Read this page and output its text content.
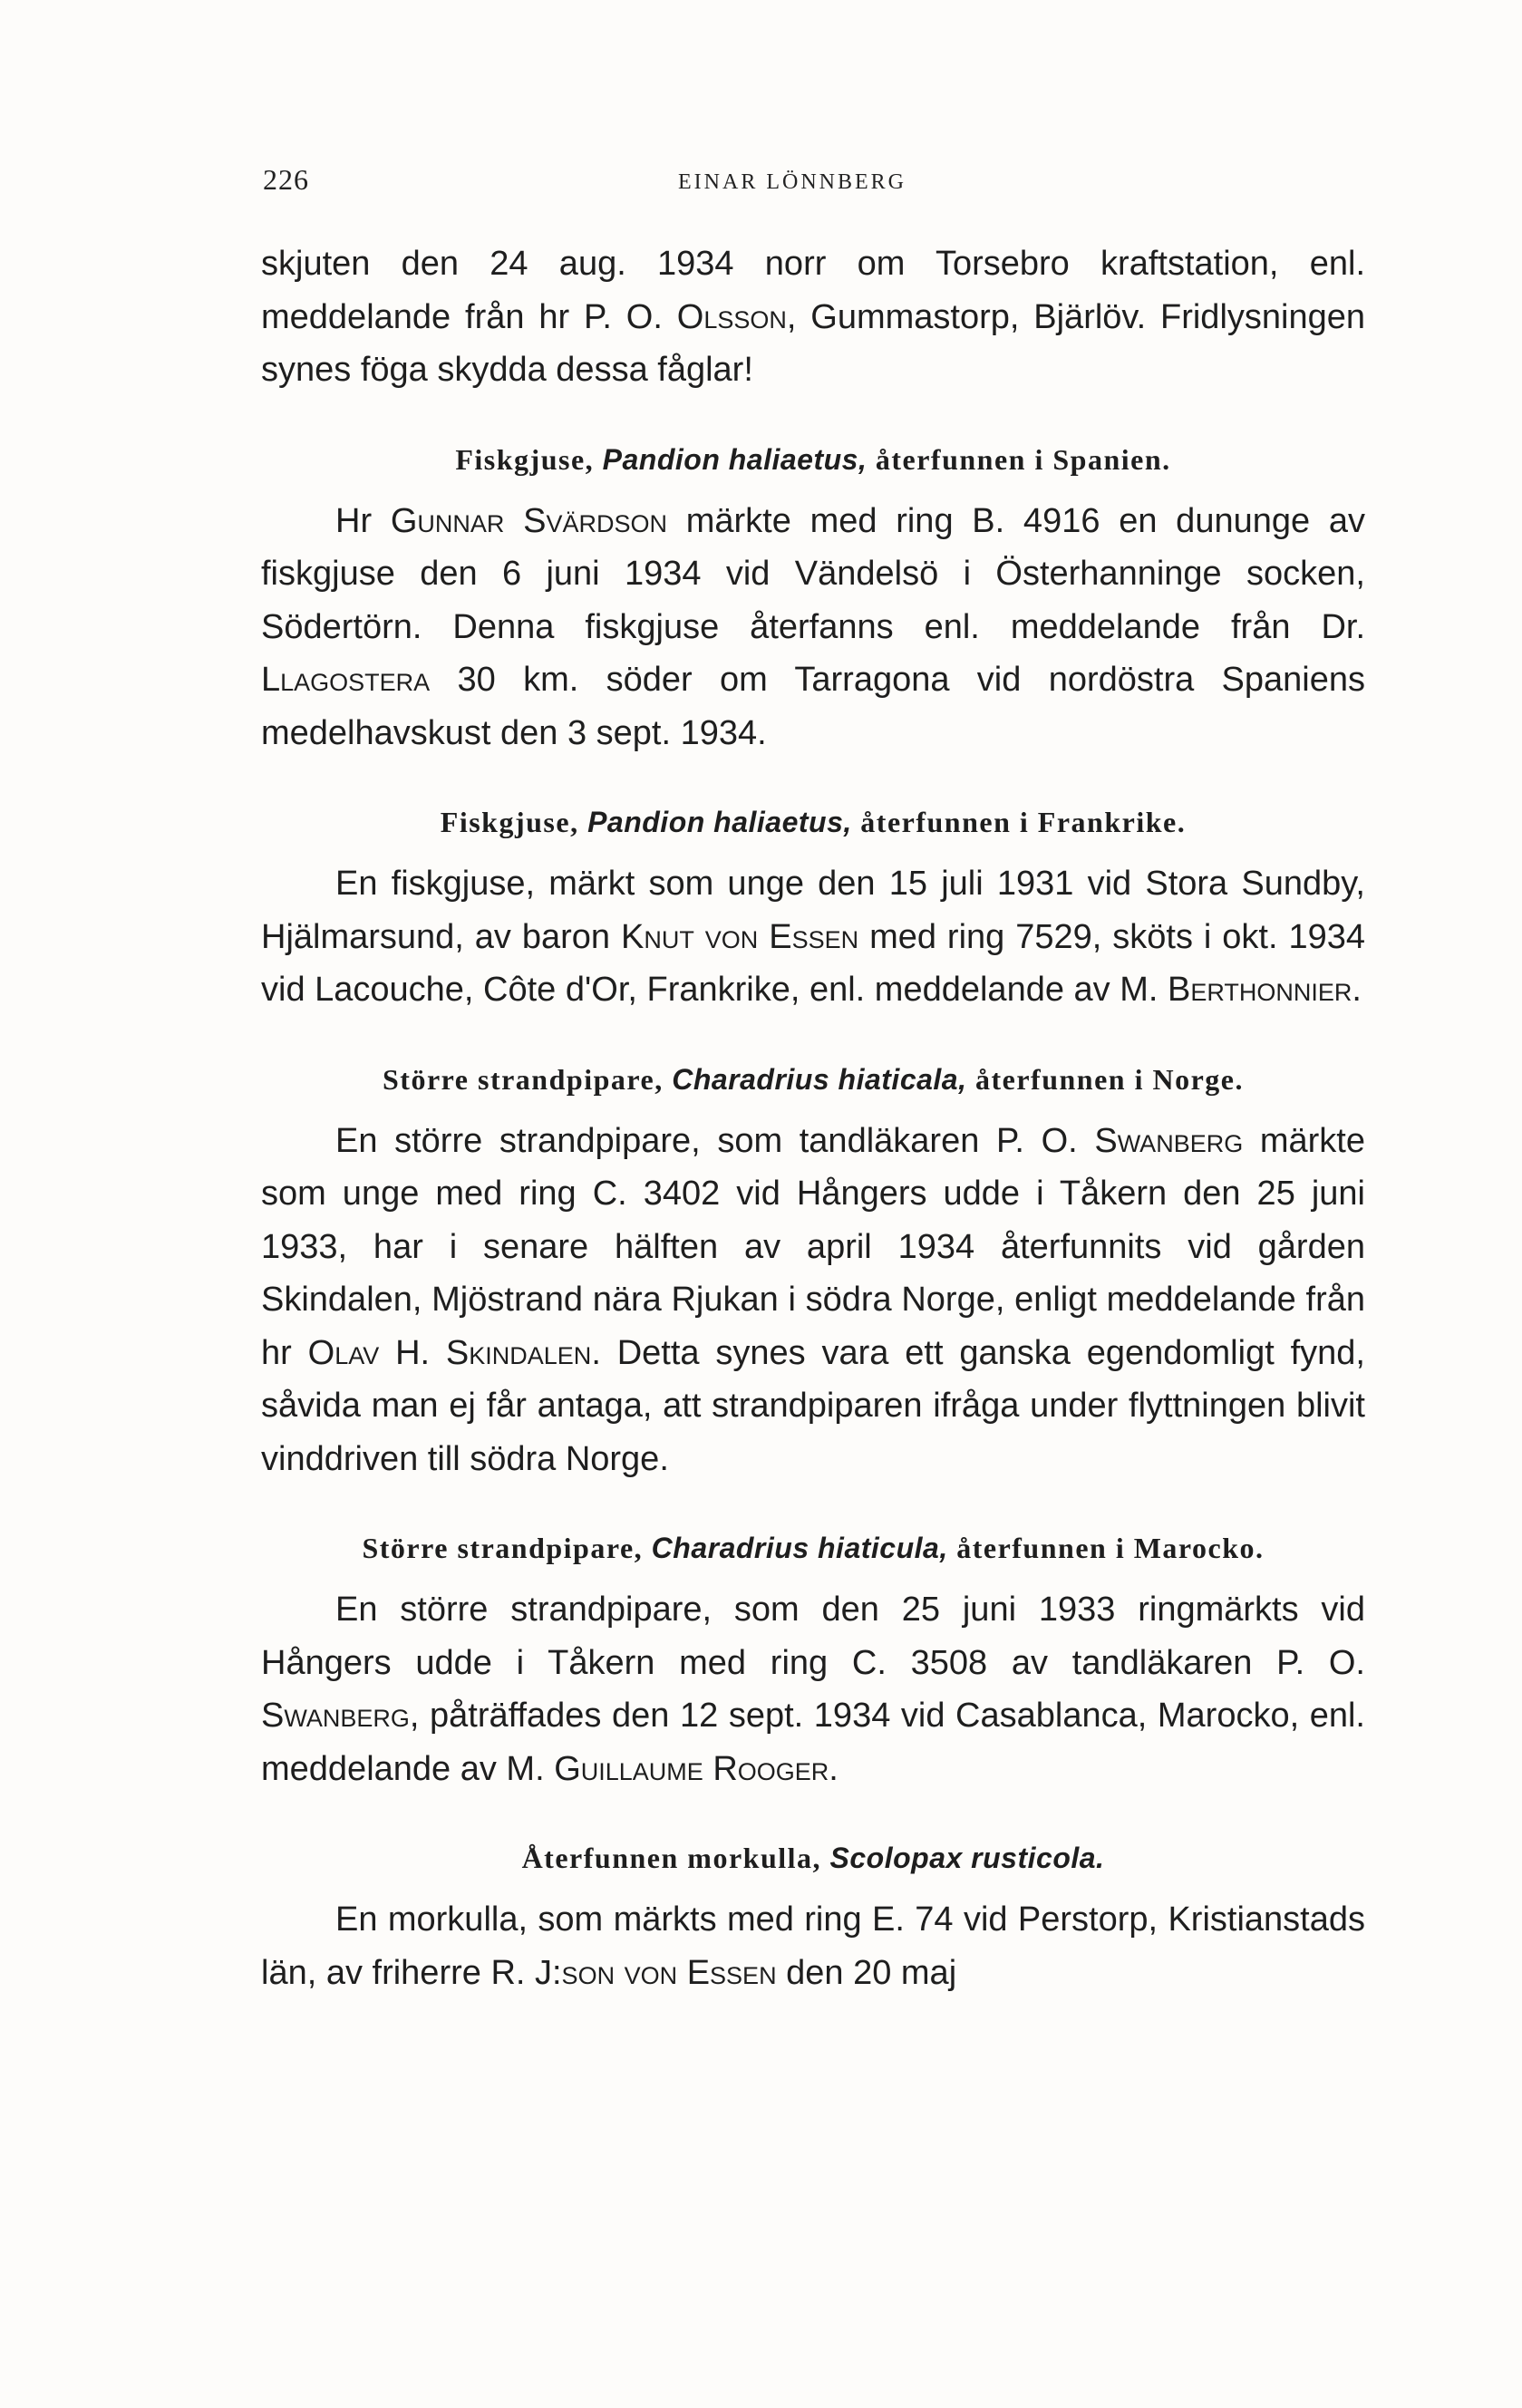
226	EINAR LÖNNBERG

skjuten den 24 aug. 1934 norr om Torsebro kraftstation, enl. meddelande från hr P. O. Olsson, Gummastorp, Bjärlöv. Fridlysningen synes föga skydda dessa fåglar!

Fiskgjuse, Pandion haliaetus, återfunnen i Spanien.

Hr Gunnar Svärdson märkte med ring B. 4916 en dununge av fiskgjuse den 6 juni 1934 vid Vändelsö i Österhanninge socken, Södertörn. Denna fiskgjuse återfanns enl. meddelande från Dr. Llagostera 30 km. söder om Tarragona vid nordöstra Spaniens medelhavskust den 3 sept. 1934.

Fiskgjuse, Pandion haliaetus, återfunnen i Frankrike.

En fiskgjuse, märkt som unge den 15 juli 1931 vid Stora Sundby, Hjälmarsund, av baron Knut von Essen med ring 7529, sköts i okt. 1934 vid Lacouche, Côte d'Or, Frankrike, enl. meddelande av M. Berthonnier.

Större strandpipare, Charadrius hiaticala, återfunnen i Norge.

En större strandpipare, som tandläkaren P. O. Swanberg märkte som unge med ring C. 3402 vid Hångers udde i Tåkern den 25 juni 1933, har i senare hälften av april 1934 återfunnits vid gården Skindalen, Mjöstrand nära Rjukan i södra Norge, enligt meddelande från hr Olav H. Skindalen. Detta synes vara ett ganska egendomligt fynd, såvida man ej får antaga, att strandpiparen ifråga under flyttningen blivit vinddriven till södra Norge.

Större strandpipare, Charadrius hiaticula, återfunnen i Marocko.

En större strandpipare, som den 25 juni 1933 ringmärkts vid Hångers udde i Tåkern med ring C. 3508 av tandläkaren P. O. Swanberg, påträffades den 12 sept. 1934 vid Casablanca, Marocko, enl. meddelande av M. Guillaume Rooger.

Återfunnen morkulla, Scolopax rusticola.

En morkulla, som märkts med ring E. 74 vid Perstorp, Kristianstads län, av friherre R. J:son von Essen den 20 maj
